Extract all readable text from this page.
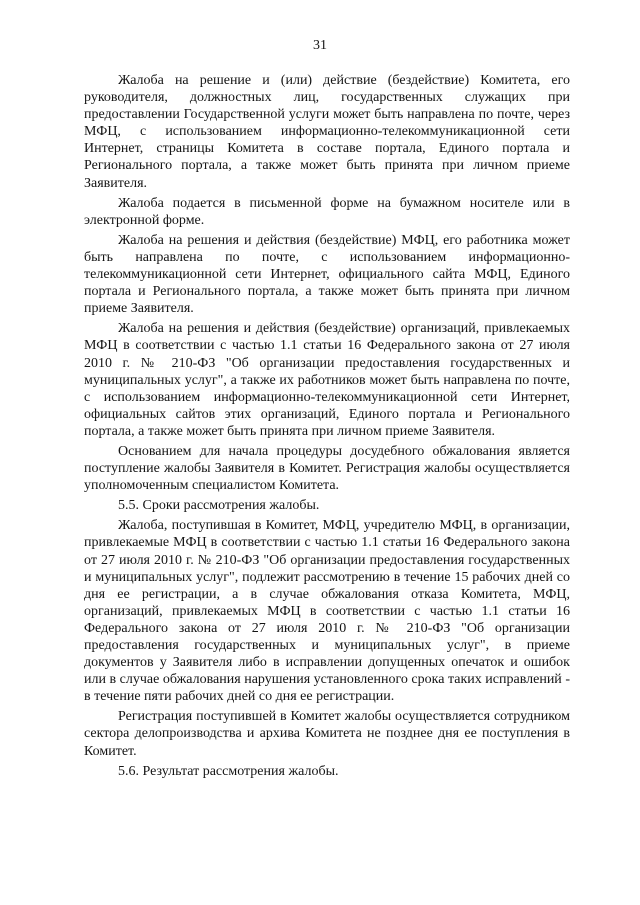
31

Жалоба на решение и (или) действие (бездействие) Комитета, его руководителя, должностных лиц, государственных служащих при предоставлении Государственной услуги может быть направлена по почте, через МФЦ, с использованием информационно-телекоммуникационной сети Интернет, страницы Комитета в составе портала, Единого портала и Регионального портала, а также может быть принята при личном приеме Заявителя.

Жалоба подается в письменной форме на бумажном носителе или в электронной форме.

Жалоба на решения и действия (бездействие) МФЦ, его работника может быть направлена по почте, с использованием информационно-телекоммуникационной сети Интернет, официального сайта МФЦ, Единого портала и Регионального портала, а также может быть принята при личном приеме Заявителя.

Жалоба на решения и действия (бездействие) организаций, привлекаемых МФЦ в соответствии с частью 1.1 статьи 16 Федерального закона от 27 июля 2010 г. № 210-ФЗ "Об организации предоставления государственных и муниципальных услуг", а также их работников может быть направлена по почте, с использованием информационно-телекоммуникационной сети Интернет, официальных сайтов этих организаций, Единого портала и Регионального портала, а также может быть принята при личном приеме Заявителя.

Основанием для начала процедуры досудебного обжалования является поступление жалобы Заявителя в Комитет. Регистрация жалобы осуществляется уполномоченным специалистом Комитета.

5.5. Сроки рассмотрения жалобы.

Жалоба, поступившая в Комитет, МФЦ, учредителю МФЦ, в организации, привлекаемые МФЦ в соответствии с частью 1.1 статьи 16 Федерального закона от 27 июля 2010 г. № 210-ФЗ "Об организации предоставления государственных и муниципальных услуг", подлежит рассмотрению в течение 15 рабочих дней со дня ее регистрации, а в случае обжалования отказа Комитета, МФЦ, организаций, привлекаемых МФЦ в соответствии с частью 1.1 статьи 16 Федерального закона от 27 июля 2010 г. № 210-ФЗ "Об организации предоставления государственных и муниципальных услуг", в приеме документов у Заявителя либо в исправлении допущенных опечаток и ошибок или в случае обжалования нарушения установленного срока таких исправлений - в течение пяти рабочих дней со дня ее регистрации.

Регистрация поступившей в Комитет жалобы осуществляется сотрудником сектора делопроизводства и архива Комитета не позднее дня ее поступления в Комитет.

5.6. Результат рассмотрения жалобы.
